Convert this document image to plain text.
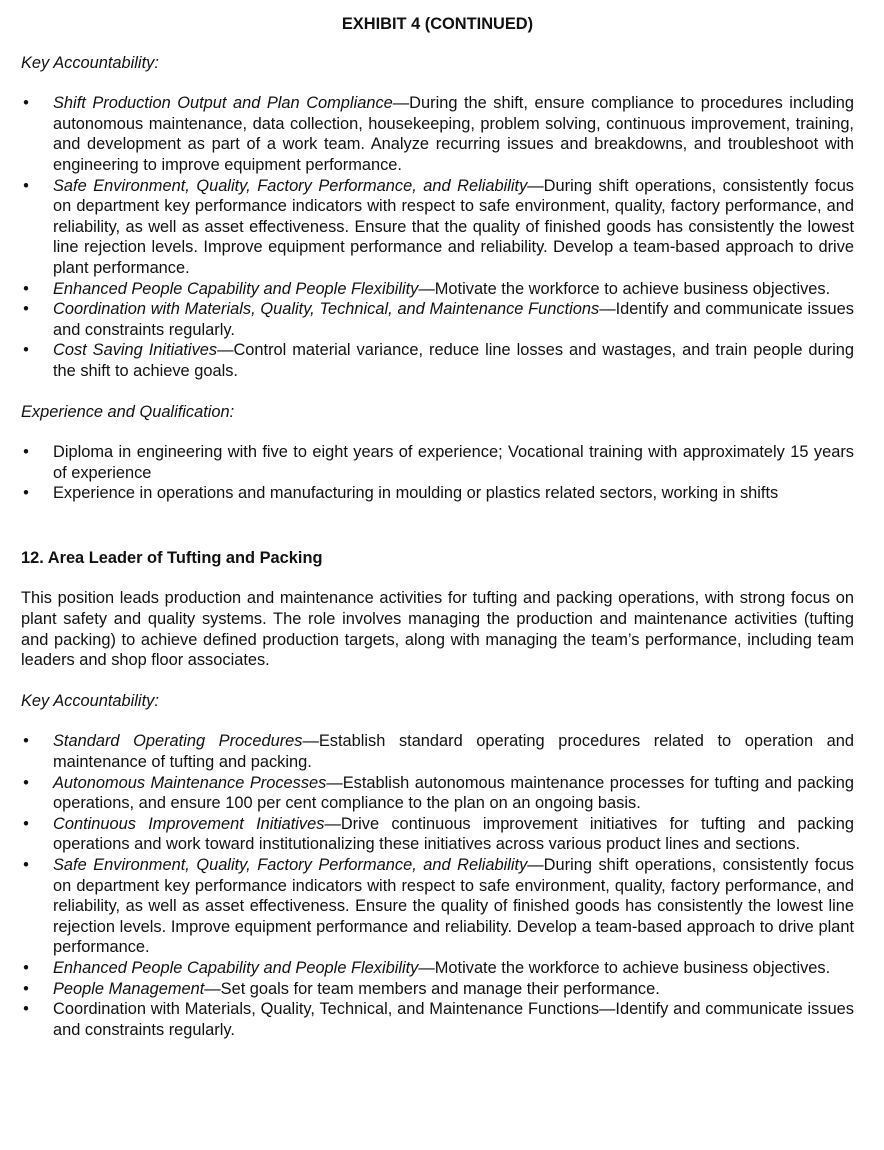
EXHIBIT 4 (CONTINUED)
Key Accountability:
• Shift Production Output and Plan Compliance—During the shift, ensure compliance to procedures including autonomous maintenance, data collection, housekeeping, problem solving, continuous improvement, training, and development as part of a work team. Analyze recurring issues and breakdowns, and troubleshoot with engineering to improve equipment performance.
• Safe Environment, Quality, Factory Performance, and Reliability—During shift operations, consistently focus on department key performance indicators with respect to safe environment, quality, factory performance, and reliability, as well as asset effectiveness. Ensure that the quality of finished goods has consistently the lowest line rejection levels. Improve equipment performance and reliability. Develop a team-based approach to drive plant performance.
• Enhanced People Capability and People Flexibility—Motivate the workforce to achieve business objectives.
• Coordination with Materials, Quality, Technical, and Maintenance Functions—Identify and communicate issues and constraints regularly.
• Cost Saving Initiatives—Control material variance, reduce line losses and wastages, and train people during the shift to achieve goals.
Experience and Qualification:
• Diploma in engineering with five to eight years of experience; Vocational training with approximately 15 years of experience
• Experience in operations and manufacturing in moulding or plastics related sectors, working in shifts
12. Area Leader of Tufting and Packing
This position leads production and maintenance activities for tufting and packing operations, with strong focus on plant safety and quality systems. The role involves managing the production and maintenance activities (tufting and packing) to achieve defined production targets, along with managing the team’s performance, including team leaders and shop floor associates.
Key Accountability:
• Standard Operating Procedures—Establish standard operating procedures related to operation and maintenance of tufting and packing.
• Autonomous Maintenance Processes—Establish autonomous maintenance processes for tufting and packing operations, and ensure 100 per cent compliance to the plan on an ongoing basis.
• Continuous Improvement Initiatives—Drive continuous improvement initiatives for tufting and packing operations and work toward institutionalizing these initiatives across various product lines and sections.
• Safe Environment, Quality, Factory Performance, and Reliability—During shift operations, consistently focus on department key performance indicators with respect to safe environment, quality, factory performance, and reliability, as well as asset effectiveness. Ensure the quality of finished goods has consistently the lowest line rejection levels. Improve equipment performance and reliability. Develop a team-based approach to drive plant performance.
• Enhanced People Capability and People Flexibility—Motivate the workforce to achieve business objectives.
• People Management—Set goals for team members and manage their performance.
• Coordination with Materials, Quality, Technical, and Maintenance Functions—Identify and communicate issues and constraints regularly.
